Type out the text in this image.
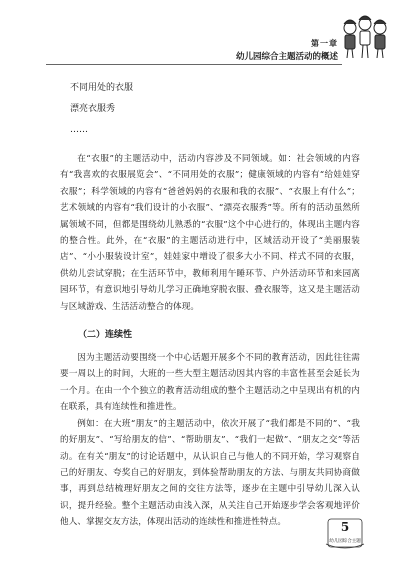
第一章
幼儿园综合主题活动的概述
不同用处的衣服
漂亮衣服秀
……

在“衣服”的主题活动中，活动内容涉及不同领域。如：社会领域的内容有“我喜欢的衣服展览会”、“不同用处的衣服”；健康领域的内容有“给娃娃穿衣服”；科学领域的内容有“爸爸妈妈的衣服和我的衣服”、“衣服上有什么”；艺术领域的内容有“我们设计的小衣服”、“漂亮衣服秀”等。所有的活动虽然所属领域不同，但都是围绕幼儿熟悉的“衣服”这个中心进行的，体现出主题内容的整合性。此外，在“衣服”的主题活动进行中，区域活动开设了“美丽服装店”、“小小服装设计室”，娃娃家中增设了很多大小不同、样式不同的衣服，供幼儿尝试穿脱；在生活环节中，教师利用午睡环节、户外活动环节和来园离园环节，有意识地引导幼儿学习正确地穿脱衣服、叠衣服等，这又是主题活动与区域游戏、生活活动整合的体现。

（二）连续性

因为主题活动要围绕一个中心话题开展多个不同的教育活动，因此往往需要一周以上的时间，大班的一些大型主题活动因其内容的丰富性甚至会延长为一个月。在由一个个独立的教育活动组成的整个主题活动之中呈现出有机的内在联系，具有连续性和推进性。

例如：在大班“朋友”的主题活动中，依次开展了“我们都是不同的”、“我的好朋友”、“写给朋友的信”、“帮助朋友”、“我们一起做”、“朋友之交”等活动。在有关“朋友”的讨论话题中，从认识自己与他人的不同开始，学习观察自己的好朋友、夸奖自己的好朋友，到体验帮助朋友的方法、与朋友共同协商做事，再到总结梳理好朋友之间的交往方法等，逐步在主题中引导幼儿深入认识，提升经验。整个主题活动由浅入深，从关注自己开始逐步学会客观地评价他人、掌握交友方法，体现出活动的连续性和推进性特点。	5
幼儿园综合主题
